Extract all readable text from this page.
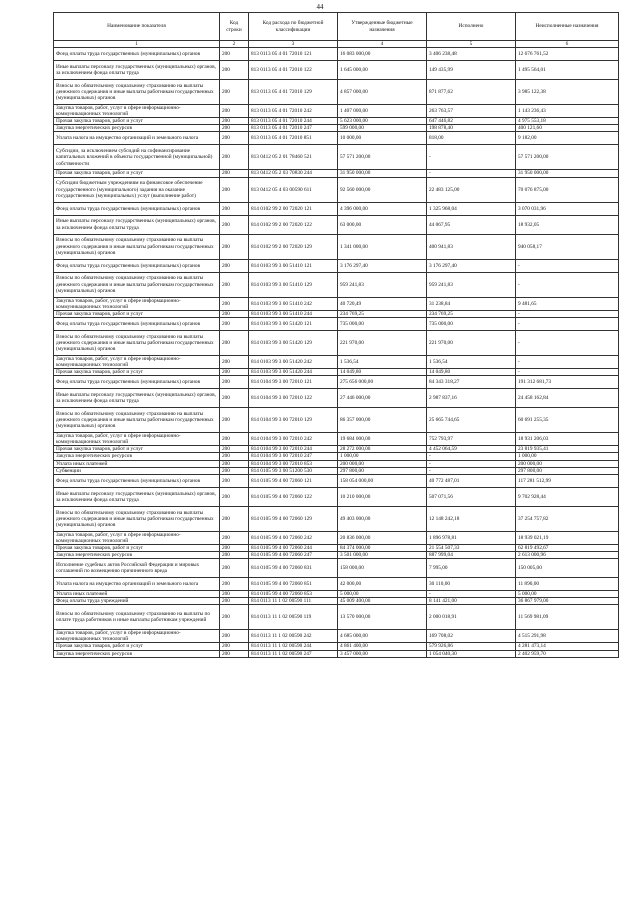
44
Наименование показателя	Код строки	Код расхода по бюджетной классификации	Утвержденные бюджетные назначения	Исполнено	Неисполненные назначения
1	2	3	4	5	6
Фонд оплаты труда государственных (муниципальных) органов	200	813 0113 05 4 01 72010 121	16 083 000,00	3 406 238,48	12 676 761,52
Иные выплаты персоналу государственных (муниципальных) органов, за исключением фонда оплаты труда	200	813 0113 05 4 01 72010 122	1 645 000,00	149 435,99	1 495 564,01
Взносы по обязательному социальному страхованию на выплаты денежного содержания и иные выплаты работникам государственных (муниципальных) органов	200	813 0113 05 4 01 72010 129	4 857 000,00	871 877,62	3 985 122,38
Закупка товаров, работ, услуг в сфере информационно-коммуникационных технологий	200	813 0113 05 4 01 72010 242	1 407 000,00	263 763,57	1 143 236,43
Прочая закупка товаров, работ и услуг	200	813 0113 05 4 01 72010 244	5 623 000,00	647 446,82	4 975 553,18
Закупка энергетических ресурсов	200	813 0113 05 4 01 72010 247	599 000,00	198 878,40	400 121,60
Уплата налога на имущество организаций и земельного налога	200	813 0113 05 4 01 72010 851	10 000,00	818,00	9 182,00
Субсидии, за исключением субсидий на софинансирование капитальных вложений в объекты государственной (муниципальной) собственности	200	813 0412 05 2 01 78460 521	57 571 200,00	-	57 571 200,00
Прочая закупка товаров, работ и услуг	200	813 0412 05 2 03 70830 244	31 950 000,00	-	31 950 000,00
Субсидии бюджетным учреждениям на финансовое обеспечение государственного (муниципального) задания на оказание государственных (муниципальных) услуг (выполнение работ)	200	813 0412 05 4 03 00590 611	92 560 000,00	22 483 125,00	70 076 875,00
Фонд оплаты труда государственных (муниципальных) органов	200	814 0102 99 2 00 72020 121	4 396 000,00	1 325 968,04	3 070 031,96
Иные выплаты персоналу государственных (муниципальных) органов, за исключением фонда оплаты труда	200	814 0102 99 2 00 72020 122	63 000,00	44 067,95	18 932,05
Взносы по обязательному социальному страхованию на выплаты денежного содержания и иные выплаты работникам государственных (муниципальных) органов	200	814 0102 99 2 00 72020 129	1 341 000,00	400 941,83	940 058,17
Фонд оплаты труда государственных (муниципальных) органов	200	814 0103 99 3 00 51410 121	3 176 297,40	3 176 297,40	-
Взносы по обязательному социальному страхованию на выплаты денежного содержания и иные выплаты работникам государственных (муниципальных) органов	200	814 0103 99 3 00 51410 129	959 241,83	959 241,83	-
Закупка товаров, работ, услуг в сфере информационно-коммуникационных технологий	200	814 0103 99 3 00 51410 242	40 720,49	31 238,84	9 481,65
Прочая закупка товаров, работ и услуг	200	814 0103 99 3 00 51410 244	234 769,25	234 769,25	-
Фонд оплаты труда государственных (муниципальных) органов	200	814 0103 99 3 00 51420 121	735 000,00	735 000,00	-
Взносы по обязательному социальному страхованию на выплаты денежного содержания и иные выплаты работникам государственных (муниципальных) органов	200	814 0103 99 3 00 51420 129	221 970,00	221 970,00	-
Закупка товаров, работ, услуг в сфере информационно-коммуникационных технологий	200	814 0103 99 3 00 51420 242	1 536,54	1 536,54	-
Прочая закупка товаров, работ и услуг	200	814 0103 99 3 00 51420 244	14 049,80	14 049,80	-
Фонд оплаты труда государственных (муниципальных) органов	200	814 0104 99 3 00 72010 121	275 656 000,00	84 343 318,27	191 312 681,73
Иные выплаты персоналу государственных (муниципальных) органов, за исключением фонда оплаты труда	200	814 0104 99 3 00 72010 122	27 446 000,00	2 987 837,16	24 458 162,84
Взносы по обязательному социальному страхованию на выплаты денежного содержания и иные выплаты работникам государственных (муниципальных) органов	200	814 0104 99 3 00 72010 129	86 357 000,00	25 665 744,65	60 691 255,35
Закупка товаров, работ, услуг в сфере информационно-коммуникационных технологий	200	814 0104 99 3 00 72010 242	19 684 000,00	752 793,97	18 931 206,03
Прочая закупка товаров, работ и услуг	200	814 0104 99 3 00 72010 244	28 272 000,00	4 452 064,59	23 819 935,41
Закупка энергетических ресурсов	200	814 0104 99 3 00 72010 247	1 000,00	-	1 000,00
Уплата иных платежей	200	814 0104 99 3 00 72010 853	200 000,00	-	200 000,00
Субвенции	200	814 0105 99 3 00 51200 530	297 800,00	-	297 800,00
Фонд оплаты труда государственных (муниципальных) органов	200	814 0105 99 4 00 72060 121	158 054 000,00	40 772 487,01	117 281 512,99
Иные выплаты персоналу государственных (муниципальных) органов, за исключением фонда оплаты труда	200	814 0105 99 4 00 72060 122	10 210 000,00	507 071,56	9 702 928,44
Взносы по обязательному социальному страхованию на выплаты денежного содержания и иные выплаты работникам государственных (муниципальных) органов	200	814 0105 99 4 00 72060 129	49 403 000,00	12 148 242,18	37 254 757,82
Закупка товаров, работ, услуг в сфере информационно-коммуникационных технологий	200	814 0105 99 4 00 72060 242	20 836 000,00	1 896 978,81	18 939 021,19
Прочая закупка товаров, работ и услуг	200	814 0105 99 4 00 72060 244	84 374 000,00	21 554 507,33	62 819 492,67
Закупка энергетических ресурсов	200	814 0105 99 4 00 72060 247	3 501 000,00	887 999,04	2 613 000,96
Исполнение судебных актов Российской Федерации и мировых соглашений по возмещению причиненного вреда	200	814 0105 99 4 00 72060 831	158 000,00	7 995,00	150 005,00
Уплата налога на имущество организаций и земельного налога	200	814 0105 99 4 00 72060 851	42 000,00	30 110,00	11 890,00
Уплата иных платежей	200	814 0105 99 4 00 72060 853	5 000,00	-	5 000,00
Фонд оплаты труда учреждений	200	814 0113 11 1 02 00590 111	45 009 400,00	8 141 421,00	36 867 979,00
Взносы по обязательному социальному страхованию на выплаты по оплате труда работников и иные выплаты работникам учреждений	200	814 0113 11 1 02 00590 119	13 570 000,00	2 000 018,91	11 569 981,09
Закупка товаров, работ, услуг в сфере информационно-коммуникационных технологий	200	814 0113 11 1 02 00590 242	4 685 000,00	169 708,02	4 515 291,98
Прочая закупка товаров, работ и услуг	200	814 0113 11 1 02 00590 244	4 861 400,00	579 926,86	4 281 473,14
Закупка энергетических ресурсов	200	814 0113 11 1 02 00590 247	3 457 000,00	1 054 040,30	2 402 959,70
